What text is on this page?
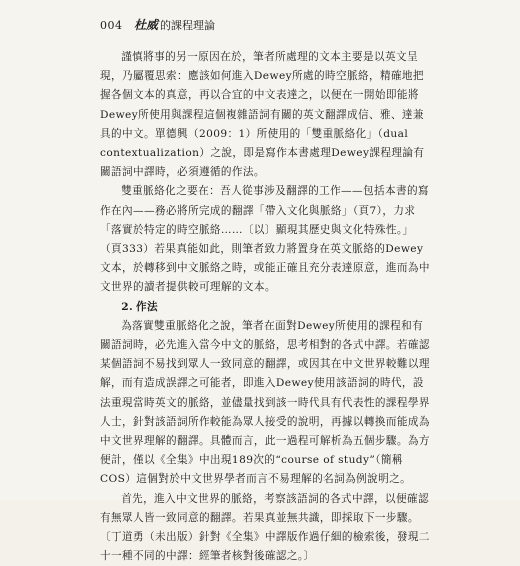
004 杜威 的課程理論

謹慎將事的另一原因在於，筆者所處理的文本主要是以英文呈現，乃屬覆思索：應該如何進入Dewey所處的時空脈絡，精確地把握各個文本的真意，再以合宜的中文表達之，以便在一開始即能將Dewey所使用與課程這個複雜語詞有關的英文翻譯成信、雅、達兼具的中文。單德興（2009：1）所使用的「雙重脈絡化」（dual contextualization）之說，即是寫作本書處理Dewey課程理論有關語詞中譯時，必須遵循的作法。

雙重脈絡化之要在：吾人從事涉及翻譯的工作——包括本書的寫作在內——務必將所完成的翻譯「帶入文化與脈絡」（頁7），力求「落實於特定的時空脈絡……〔以〕顯現其歷史與文化特殊性。」（頁333）若果真能如此，則筆者致力將置身在英文脈絡的Dewey文本，於轉移到中文脈絡之時，或能正確且充分表達原意，進而為中文世界的讀者提供較可理解的文本。

2. 作法

為落實雙重脈絡化之說，筆者在面對Dewey所使用的課程和有關語詞時，必先進入當今中文的脈絡，思考相對的各式中譯。若確認某個語詞不易找到眾人一致同意的翻譯，或因其在中文世界較難以理解，而有造成誤譯之可能者，即進入Dewey使用該語詞的時代，設法重現當時英文的脈絡，並儘量找到該一時代具有代表性的課程學界人士，針對該語詞所作較能為眾人接受的說明，再據以轉換而能成為中文世界理解的翻譯。具體而言，此一過程可解析為五個步驟。為方便計，僅以《全集》中出現189次的“course of study”（簡稱COS）這個對於中文世界學者而言不易理解的名詞為例說明之。

首先，進入中文世界的脈絡，考察該語詞的各式中譯，以便確認有無眾人皆一致同意的翻譯。若果真並無共識，即採取下一步驟。〔丁道勇（未出版）針對《全集》中譯版作過仔細的檢索後，發現二十一種不同的中譯：經筆者核對後確認之。〕
